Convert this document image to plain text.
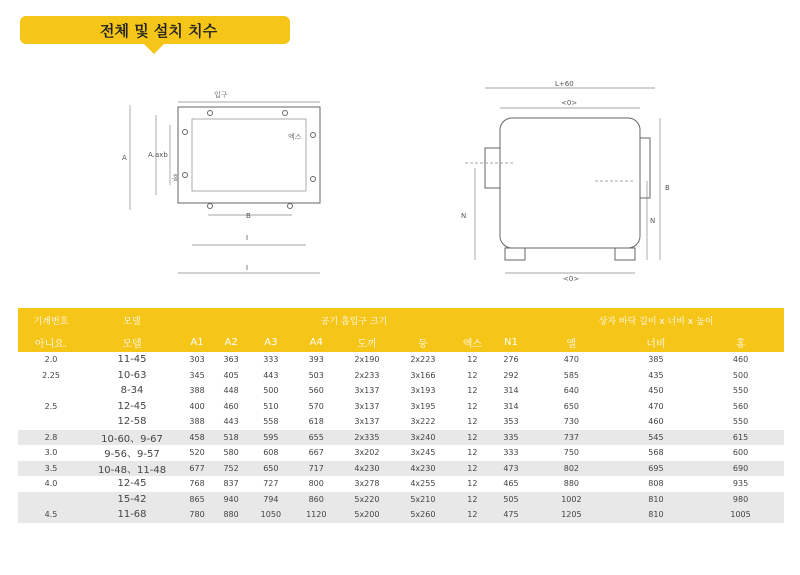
전체 및 설치 치수
입구
엑스
A	A.axb
홍
B
I
I
L+60
<0>
B
N
N
<0>
기계번호	모델	공기 흡입구 크기								상자 바닥 길이 x 너비 x 높이		
아니요.	모델	A1	A2	A3	A4	도끼	둥	엑스	N1	엘	너비	홍
2.0	11-45	303	363	333	393	2x190	2x223	12	276	470	385	460
2.25	10-63	345	405	443	503	2x233	3x166	12	292	585	435	500
	8-34	388	448	500	560	3x137	3x193	12	314	640	450	550
2.5	12-45	400	460	510	570	3x137	3x195	12	314	650	470	560
	12-58	388	443	558	618	3x137	3x222	12	353	730	460	550
2.8	10-60、9-67	458	518	595	655	2x335	3x240	12	335	737	545	615
3.0	9-56、9-57	520	580	608	667	3x202	3x245	12	333	750	568	600
3.5	10-48、11-48	677	752	650	717	4x230	4x230	12	473	802	695	690
4.0	12-45	768	837	727	800	3x278	4x255	12	465	880	808	935
	15-42	865	940	794	860	5x220	5x210	12	505	1002	810	980
4.5	11-68	780	880	1050	1120	5x200	5x260	12	475	1205	810	1005
